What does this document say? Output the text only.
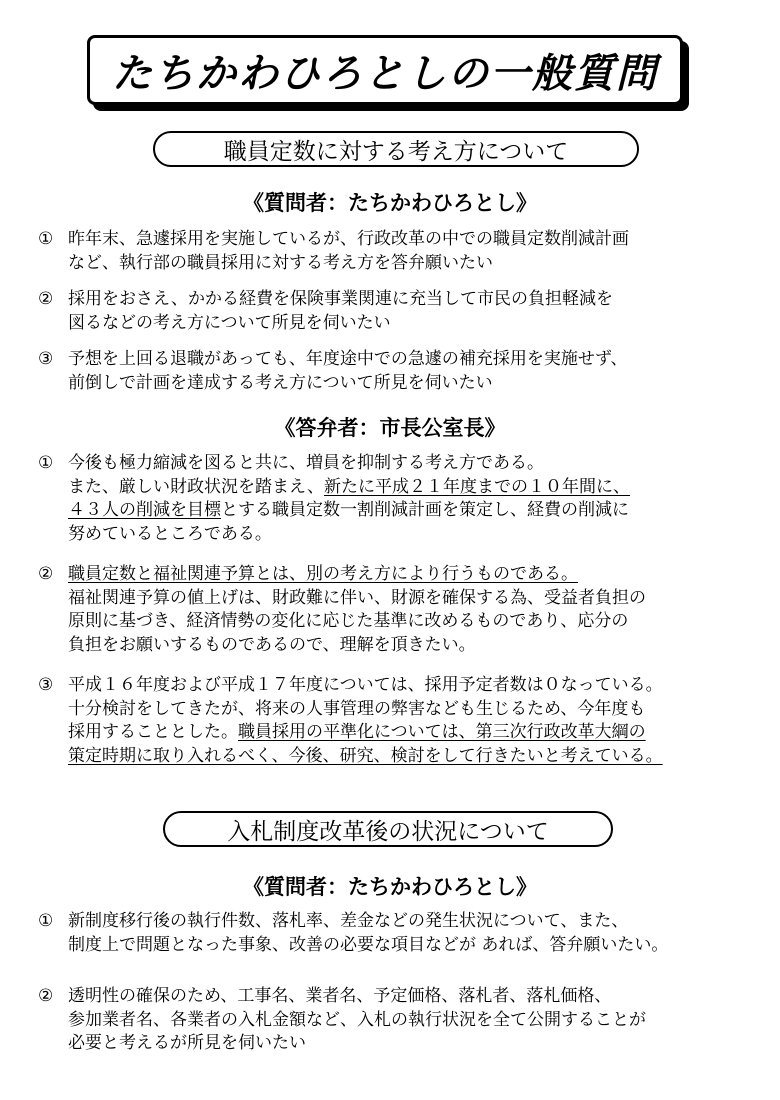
たちかわひろとしの一般質問
職員定数に対する考え方について
《質問者：たちかわひろとし》
① 昨年末、急遽採用を実施しているが、行政改革の中での職員定数削減計画
など、執行部の職員採用に対する考え方を答弁願いたい
② 採用をおさえ、かかる経費を保険事業関連に充当して市民の負担軽減を
図るなどの考え方について所見を伺いたい
③ 予想を上回る退職があっても、年度途中での急遽の補充採用を実施せず、
前倒しで計画を達成する考え方について所見を伺いたい
《答弁者：市長公室長》
① 今後も極力縮減を図ると共に、増員を抑制する考え方である。
また、厳しい財政状況を踏まえ、新たに平成２１年度までの１０年間に、
４３人の削減を目標とする職員定数一割削減計画を策定し、経費の削減に
努めているところである。
② 職員定数と福祉関連予算とは、別の考え方により行うものである。
福祉関連予算の値上げは、財政難に伴い、財源を確保する為、受益者負担の
原則に基づき、経済情勢の変化に応じた基準に改めるものであり、応分の
負担をお願いするものであるので、理解を頂きたい。
③ 平成１６年度および平成１７年度については、採用予定者数は０なっている。
十分検討をしてきたが、将来の人事管理の弊害なども生じるため、今年度も
採用することとした。職員採用の平準化については、第三次行政改革大綱の
策定時期に取り入れるべく、今後、研究、検討をして行きたいと考えている。
入札制度改革後の状況について
《質問者：たちかわひろとし》
① 新制度移行後の執行件数、落札率、差金などの発生状況について、また、
制度上で問題となった事象、改善の必要な項目などが あれば、答弁願いたい。
② 透明性の確保のため、工事名、業者名、予定価格、落札者、落札価格、
参加業者名、各業者の入札金額など、入札の執行状況を全て公開することが
必要と考えるが所見を伺いたい
